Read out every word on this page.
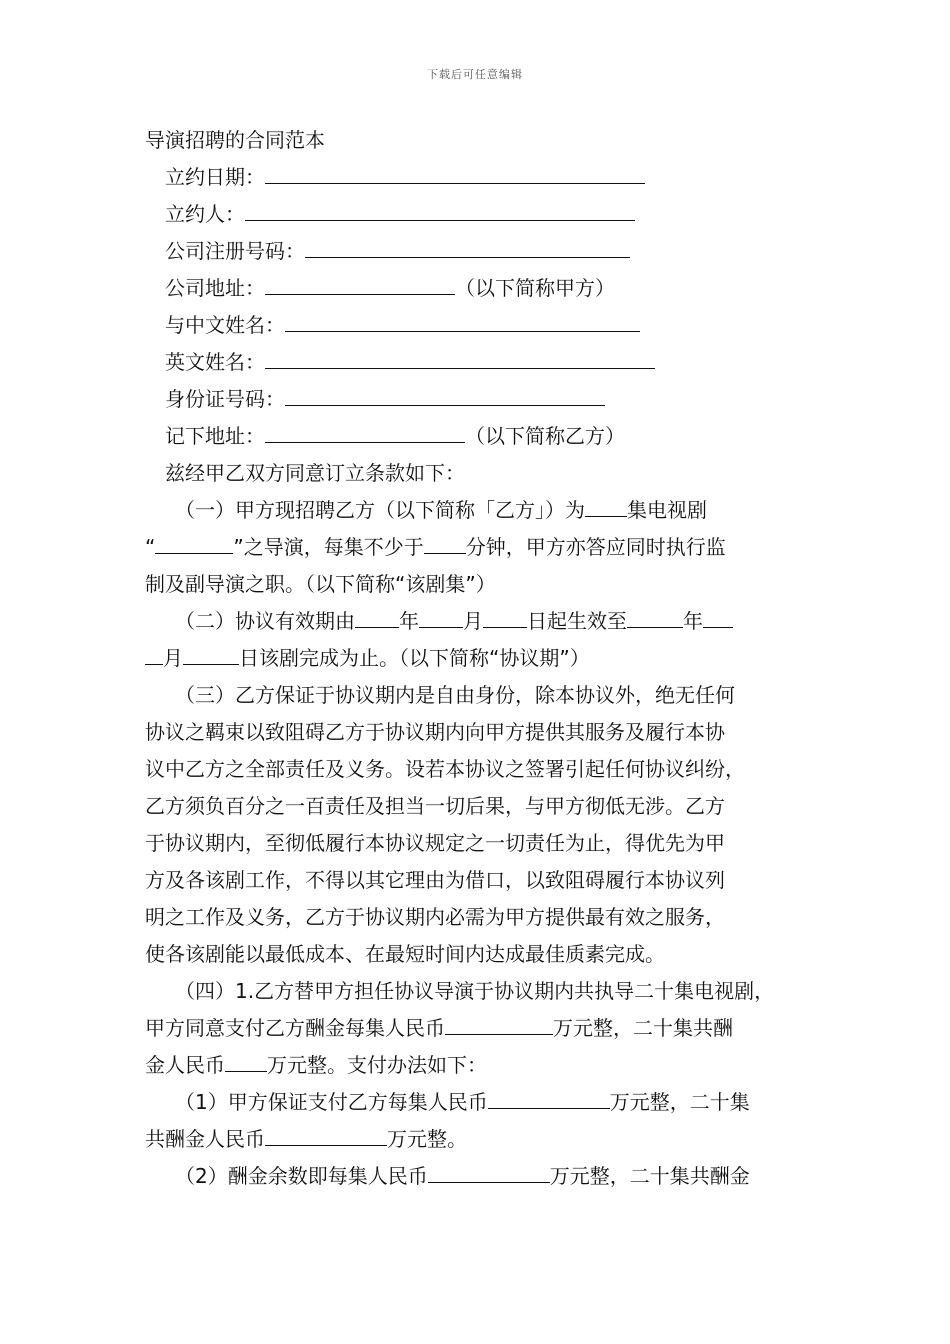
下载后可任意编辑
导演招聘的合同范本
立约日期：
立约人：
公司注册号码：
公司地址：	（以下简称甲方）
与中文姓名：
英文姓名：
身份证号码：
记下地址：	（以下简称乙方）
兹经甲乙双方同意订立条款如下：
（一）甲方现招聘乙方（以下简称「乙方」）为 集电视剧
“	”之导演，每集不少于 分钟，甲方亦答应同时执行监
制及副导演之职。（以下简称“该剧集”）
（二）协议有效期由 年 月 日起生效至	年
月	日该剧完成为止。（以下简称“协议期”）
（三）乙方保证于协议期内是自由身份，除本协议外，绝无任何
协议之羁束以致阻碍乙方于协议期内向甲方提供其服务及履行本协
议中乙方之全部责任及义务。设若本协议之签署引起任何协议纠纷，
乙方须负百分之一百责任及担当一切后果，与甲方彻低无涉。乙方
于协议期内，至彻低履行本协议规定之一切责任为止，得优先为甲
方及各该剧工作，不得以其它理由为借口，以致阻碍履行本协议列
明之工作及义务，乙方于协议期内必需为甲方提供最有效之服务，
使各该剧能以最低成本、在最短时间内达成最佳质素完成。
（四）1.乙方替甲方担任协议导演于协议期内共执导二十集电视剧，
甲方同意支付乙方酬金每集人民币	万元整，二十集共酬
金人民币 万元整。支付办法如下：
（1）甲方保证支付乙方每集人民币	万元整，二十集
共酬金人民币	万元整。
（2）酬金余数即每集人民币	万元整，二十集共酬金
